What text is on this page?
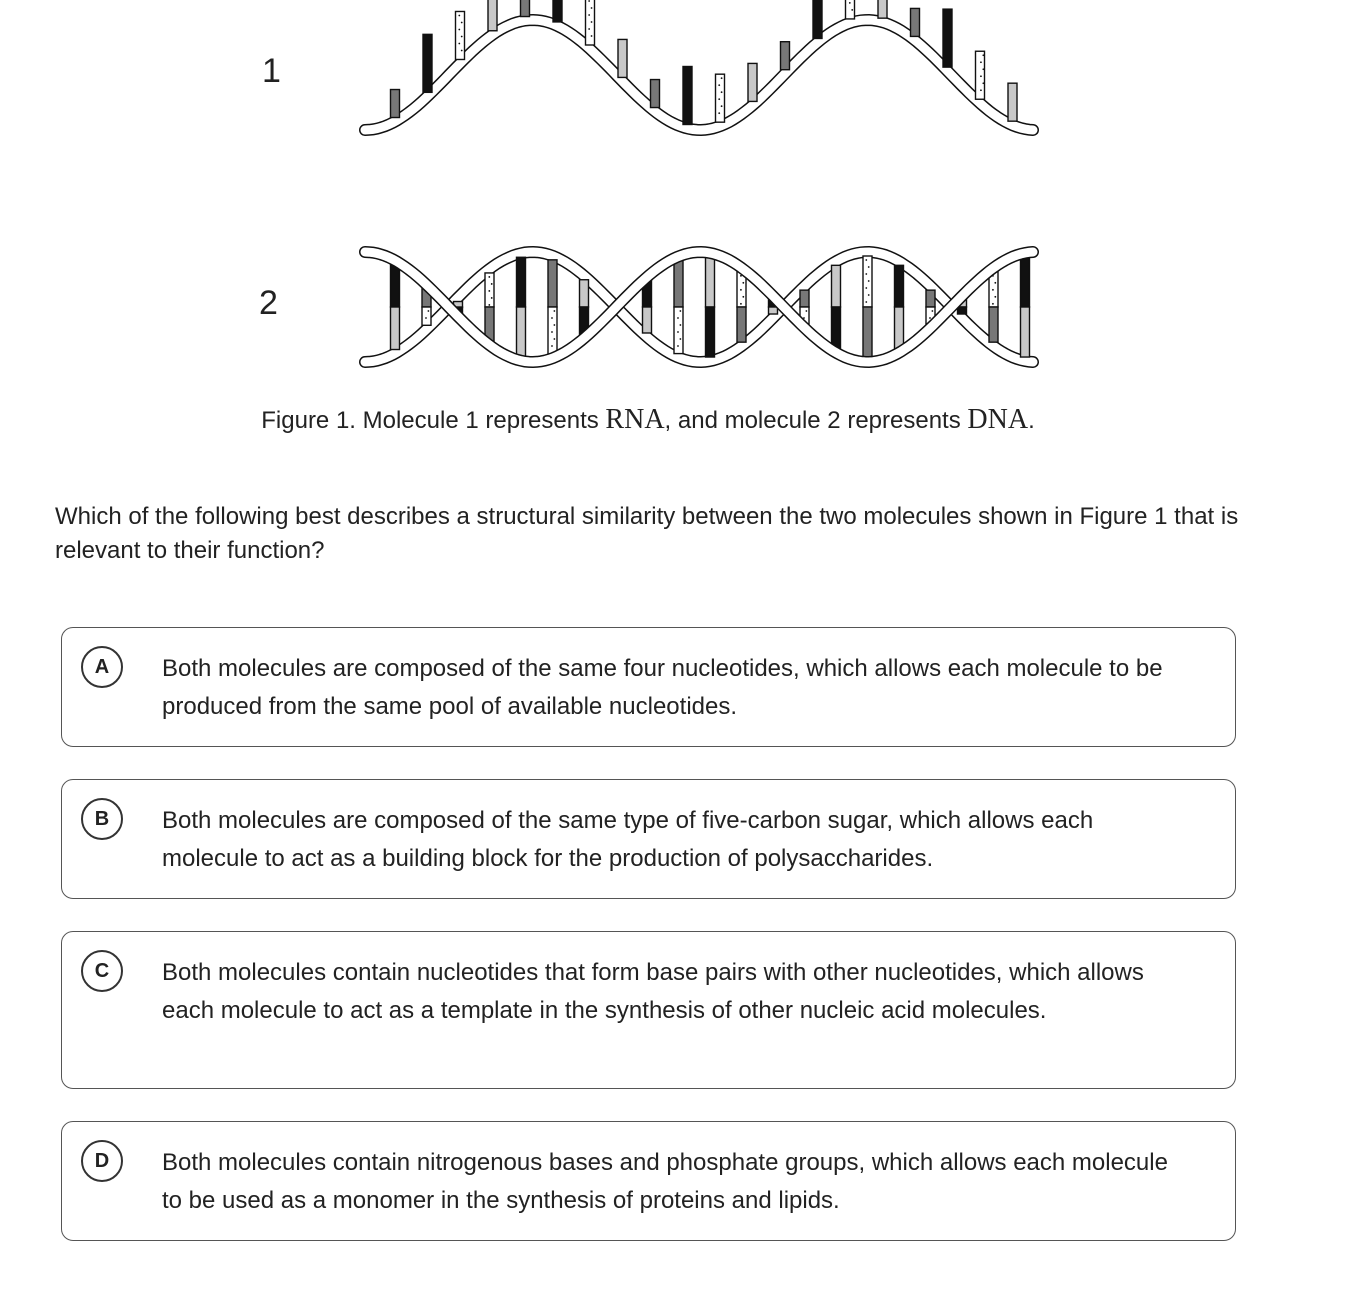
1
2
Figure 1. Molecule 1 represents RNA, and molecule 2 represents DNA.
Which of the following best describes a structural similarity between the two molecules shown in Figure 1 that is relevant to their function?
A	Both molecules are composed of the same four nucleotides, which allows each molecule to be produced from the same pool of available nucleotides.
B	Both molecules are composed of the same type of five-carbon sugar, which allows each molecule to act as a building block for the production of polysaccharides.
C	Both molecules contain nucleotides that form base pairs with other nucleotides, which allows each molecule to act as a template in the synthesis of other nucleic acid molecules.
D	Both molecules contain nitrogenous bases and phosphate groups, which allows each molecule to be used as a monomer in the synthesis of proteins and lipids.
